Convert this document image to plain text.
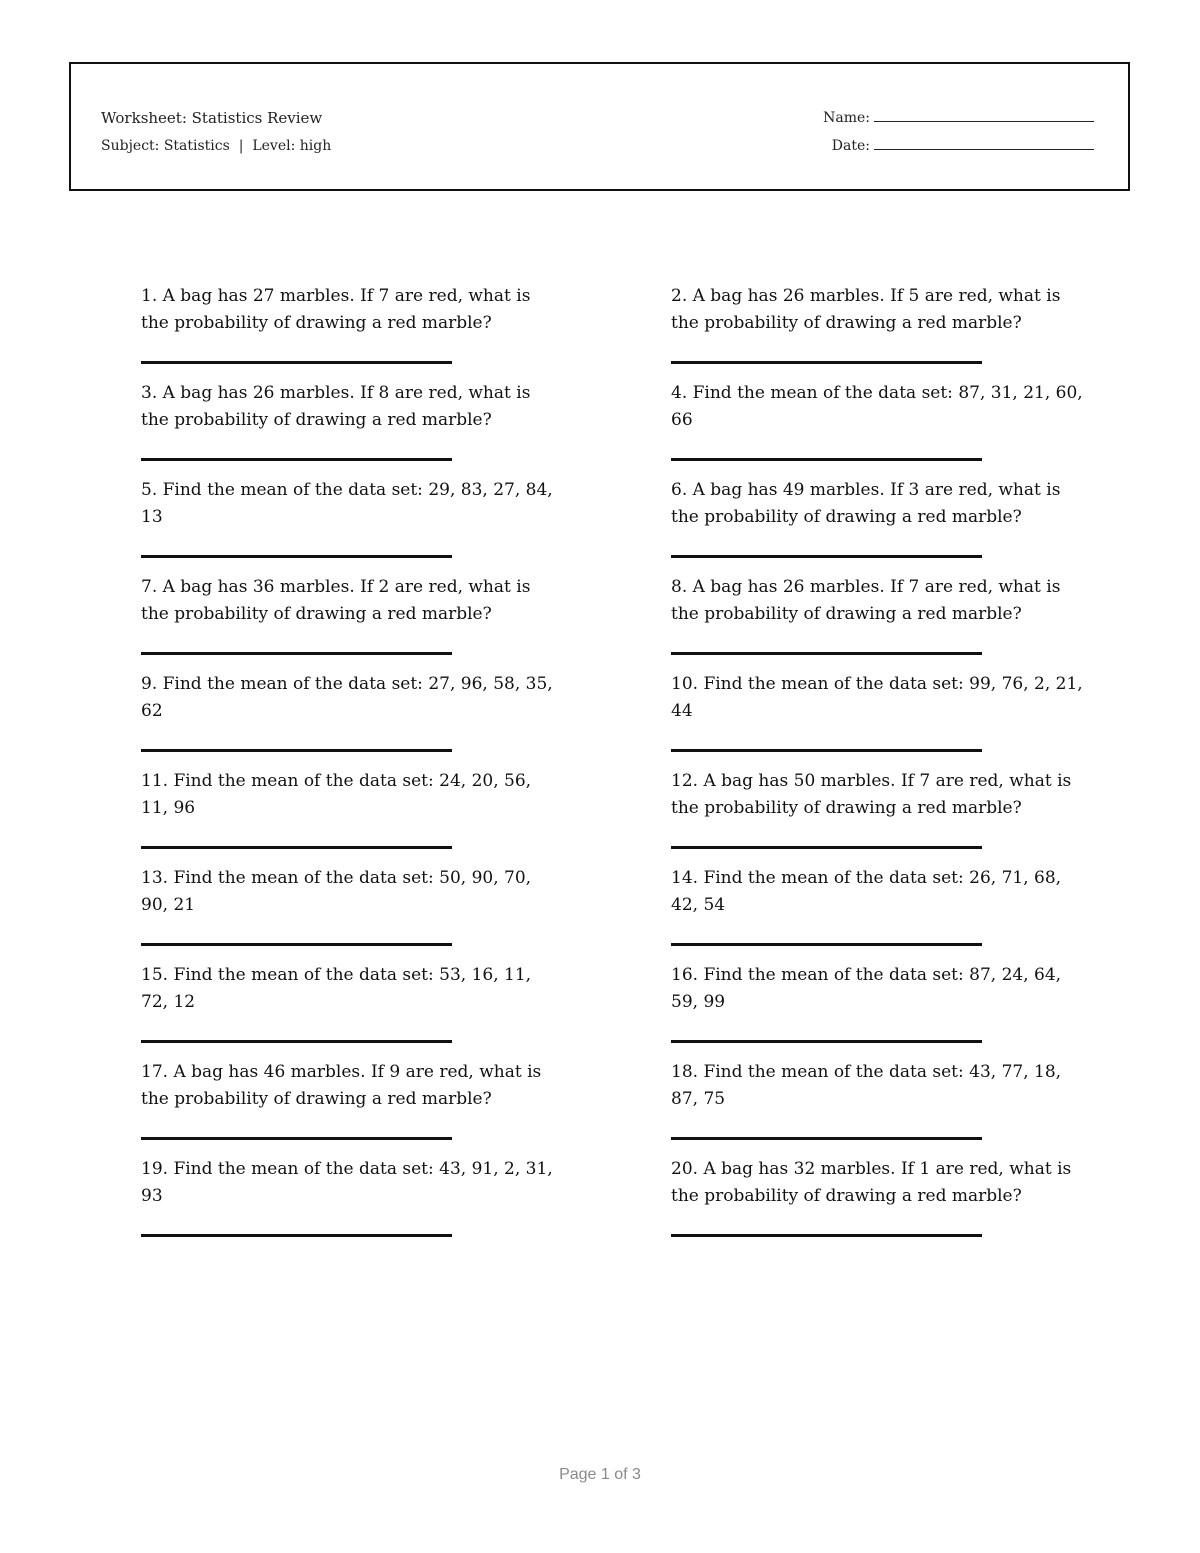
Worksheet: Statistics Review
Subject: Statistics  |  Level: high
Name:
Date:
1. A bag has 27 marbles. If 7 are red, what is the probability of drawing a red marble?
2. A bag has 26 marbles. If 5 are red, what is the probability of drawing a red marble?
3. A bag has 26 marbles. If 8 are red, what is the probability of drawing a red marble?
4. Find the mean of the data set: 87, 31, 21, 60, 66
5. Find the mean of the data set: 29, 83, 27, 84, 13
6. A bag has 49 marbles. If 3 are red, what is the probability of drawing a red marble?
7. A bag has 36 marbles. If 2 are red, what is the probability of drawing a red marble?
8. A bag has 26 marbles. If 7 are red, what is the probability of drawing a red marble?
9. Find the mean of the data set: 27, 96, 58, 35, 62
10. Find the mean of the data set: 99, 76, 2, 21, 44
11. Find the mean of the data set: 24, 20, 56, 11, 96
12. A bag has 50 marbles. If 7 are red, what is the probability of drawing a red marble?
13. Find the mean of the data set: 50, 90, 70, 90, 21
14. Find the mean of the data set: 26, 71, 68, 42, 54
15. Find the mean of the data set: 53, 16, 11, 72, 12
16. Find the mean of the data set: 87, 24, 64, 59, 99
17. A bag has 46 marbles. If 9 are red, what is the probability of drawing a red marble?
18. Find the mean of the data set: 43, 77, 18, 87, 75
19. Find the mean of the data set: 43, 91, 2, 31, 93
20. A bag has 32 marbles. If 1 are red, what is the probability of drawing a red marble?
Page 1 of 3
